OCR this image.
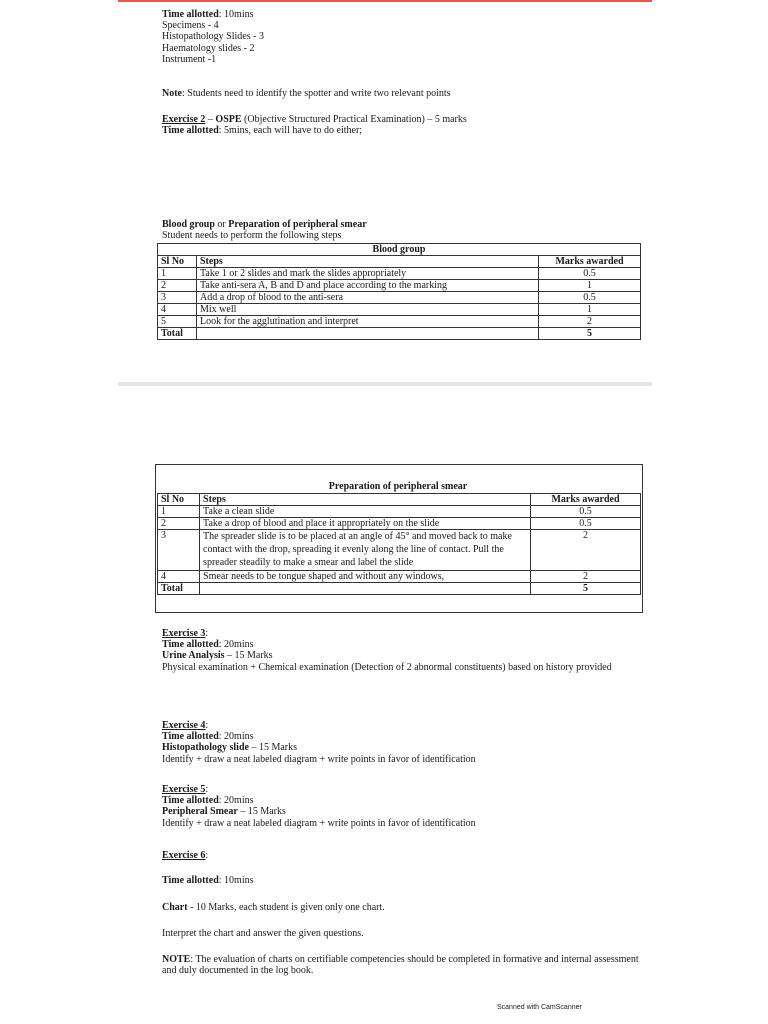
Time allotted: 10mins

Specimens - 4

Histopathology Slides - 3

Haematology slides - 2

Instrument -1

Note: Students need to identify the spotter and write two relevant points

Exercise 2 – OSPE (Objective Structured Practical Examination) – 5 marks

Time allotted: 5mins, each will have to do either;

Blood group or Preparation of peripheral smear

Student needs to perform the following steps

Blood group		
Sl No	Steps	Marks awarded
1	Take 1 or 2 slides and mark the slides appropriately	0.5
2	Take anti-sera A, B and D and place according to the marking	1
3	Add a drop of blood to the anti-sera	0.5
4	Mix well	1
5	Look for the agglutination and interpret	2
Total		5
Preparation of peripheral smear
Sl No	Steps	Marks awarded
1	Take a clean slide	0.5
2	Take a drop of blood and place it appropriately on the slide	0.5
3	The spreader slide is to be placed at an angle of 45° and moved back to make contact with the drop, spreading it evenly along the line of contact. Pull the spreader steadily to make a smear and label the slide	2
4	Smear needs to be tongue shaped and without any windows,	2
Total		5

Exercise 3:

Time allotted: 20mins

Urine Analysis – 15 Marks

Physical examination + Chemical examination (Detection of 2 abnormal constituents) based on history provided

Exercise 4:

Time allotted: 20mins

Histopathology slide – 15 Marks

Identify + draw a neat labeled diagram + write points in favor of identification

Exercise 5:

Time allotted: 20mins

Peripheral Smear – 15 Marks

Identify + draw a neat labeled diagram + write points in favor of identification

Exercise 6:

Time allotted: 10mins

Chart - 10 Marks, each student is given only one chart.

Interpret the chart and answer the given questions.

NOTE: The evaluation of charts on certifiable competencies should be completed in formative and internal assessment and duly documented in the log book.

Scanned with CamScanner
